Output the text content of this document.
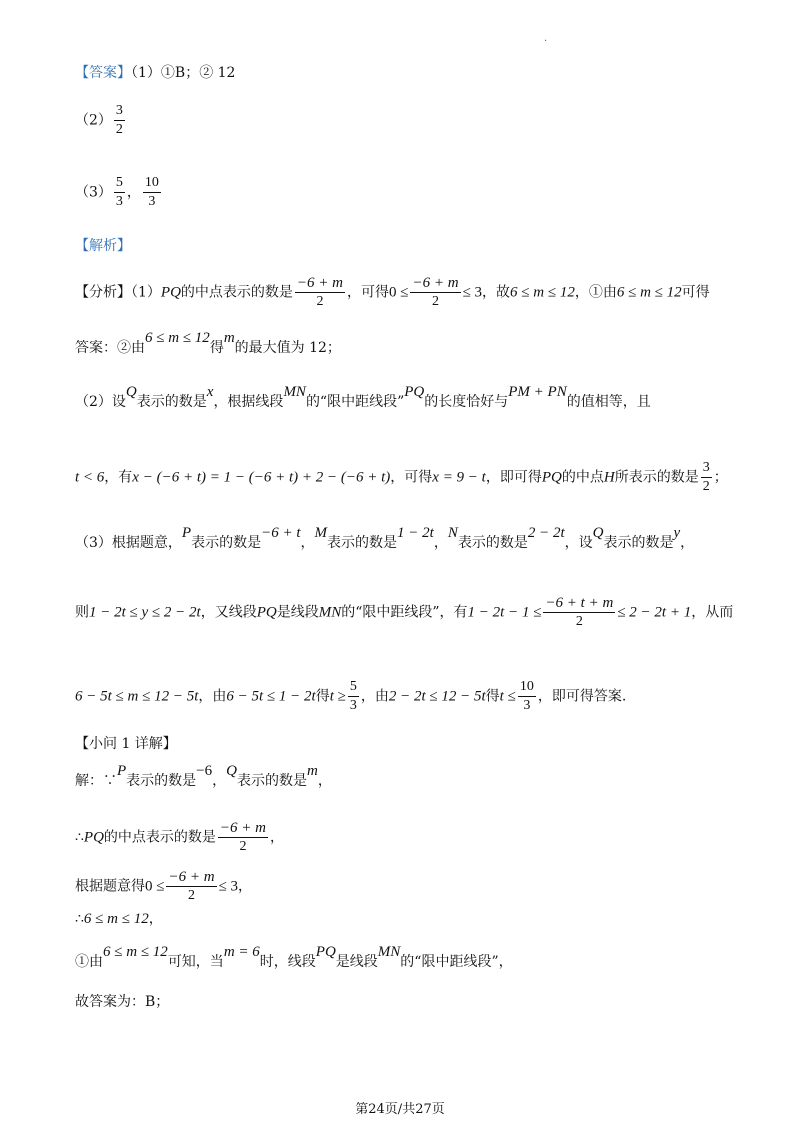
.
【答案】（1）①B；② 12
$(2) \frac{3}{2}$
$(3) \frac{5}{3}$ ， $\frac{10}{3}$
【解析】
【分析】（1）PQ的中点表示的数是 $\frac{-6 + m}{2}$ ，可得$0 \le \frac{-6 + m}{2} \le 3$，故6 ≤ m ≤ 12，①由6 ≤ m ≤ 12可得
答案：②由6 ≤ m ≤ 12得m的最大值为 12；
（2）设Q表示的数是x，根据线段MN的“限中距线段”PQ的长度恰好与PM + PN的值相等，且
t < 6，有x − (−6 + t) = 1 − (−6 + t) + 2 − (−6 + t)，可得x = 9 − t，即可得PQ的中点H所表示的数是 $\frac{3}{2}$ ；
（3）根据题意，P表示的数是−6 + t，M表示的数是1 − 2t，N表示的数是2 − 2t，设Q表示的数是y，
则1 − 2t ≤ y ≤ 2 − 2t，又线段PQ是线段MN的“限中距线段”，有$1 - 2t - 1 \le \frac{-6 + t + m}{2} \le 2 - 2t + 1$，从而
6 − 5t ≤ m ≤ 12 − 5t，由6 − 5t ≤ 1 − 2t得$t \ge \frac{5}{3}$ ，由2 − 2t ≤ 12 − 5t得$t \le \frac{10}{3}$ ，即可得答案.
【小问 1 详解】
解：∵P表示的数是−6，Q表示的数是m，
∴PQ的中点表示的数是 $\frac{-6 + m}{2}$ ，
根据题意得$0 \le \frac{-6 + m}{2} \le 3$，
∴6 ≤ m ≤ 12，
①由6 ≤ m ≤ 12可知，当m = 6时，线段PQ是线段MN的“限中距线段”，
故答案为：B；
第24页/共27页
